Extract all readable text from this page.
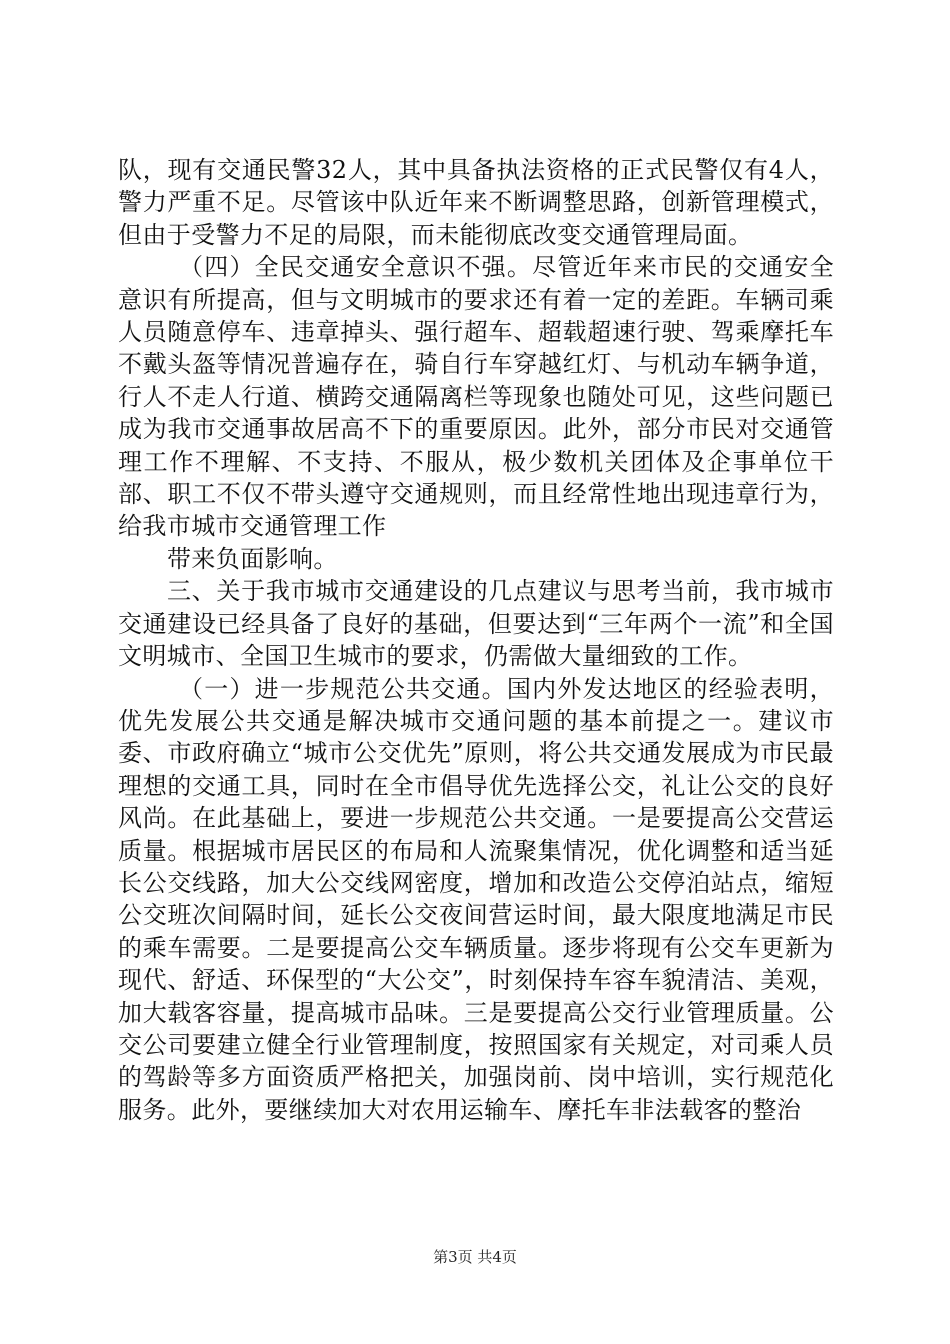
队，现有交通民警32人，其中具备执法资格的正式民警仅有4人，警力严重不足。尽管该中队近年来不断调整思路，创新管理模式，但由于受警力不足的局限，而未能彻底改变交通管理局面。

（四）全民交通安全意识不强。尽管近年来市民的交通安全意识有所提高，但与文明城市的要求还有着一定的差距。车辆司乘人员随意停车、违章掉头、强行超车、超载超速行驶、驾乘摩托车不戴头盔等情况普遍存在，骑自行车穿越红灯、与机动车辆争道，行人不走人行道、横跨交通隔离栏等现象也随处可见，这些问题已成为我市交通事故居高不下的重要原因。此外，部分市民对交通管理工作不理解、不支持、不服从，极少数机关团体及企事单位干部、职工不仅不带头遵守交通规则，而且经常性地出现违章行为，给我市城市交通管理工作

带来负面影响。

三、关于我市城市交通建设的几点建议与思考当前，我市城市交通建设已经具备了良好的基础，但要达到“三年两个一流”和全国文明城市、全国卫生城市的要求，仍需做大量细致的工作。

（一）进一步规范公共交通。国内外发达地区的经验表明，优先发展公共交通是解决城市交通问题的基本前提之一。建议市委、市政府确立“城市公交优先”原则，将公共交通发展成为市民最理想的交通工具，同时在全市倡导优先选择公交，礼让公交的良好风尚。在此基础上，要进一步规范公共交通。一是要提高公交营运质量。根据城市居民区的布局和人流聚集情况，优化调整和适当延长公交线路，加大公交线网密度，增加和改造公交停泊站点，缩短公交班次间隔时间，延长公交夜间营运时间，最大限度地满足市民的乘车需要。二是要提高公交车辆质量。逐步将现有公交车更新为现代、舒适、环保型的“大公交”，时刻保持车容车貌清洁、美观，加大载客容量，提高城市品味。三是要提高公交行业管理质量。公交公司要建立健全行业管理制度，按照国家有关规定，对司乘人员的驾龄等多方面资质严格把关，加强岗前、岗中培训，实行规范化服务。此外，要继续加大对农用运输车、摩托车非法载客的整治

第3页 共4页
